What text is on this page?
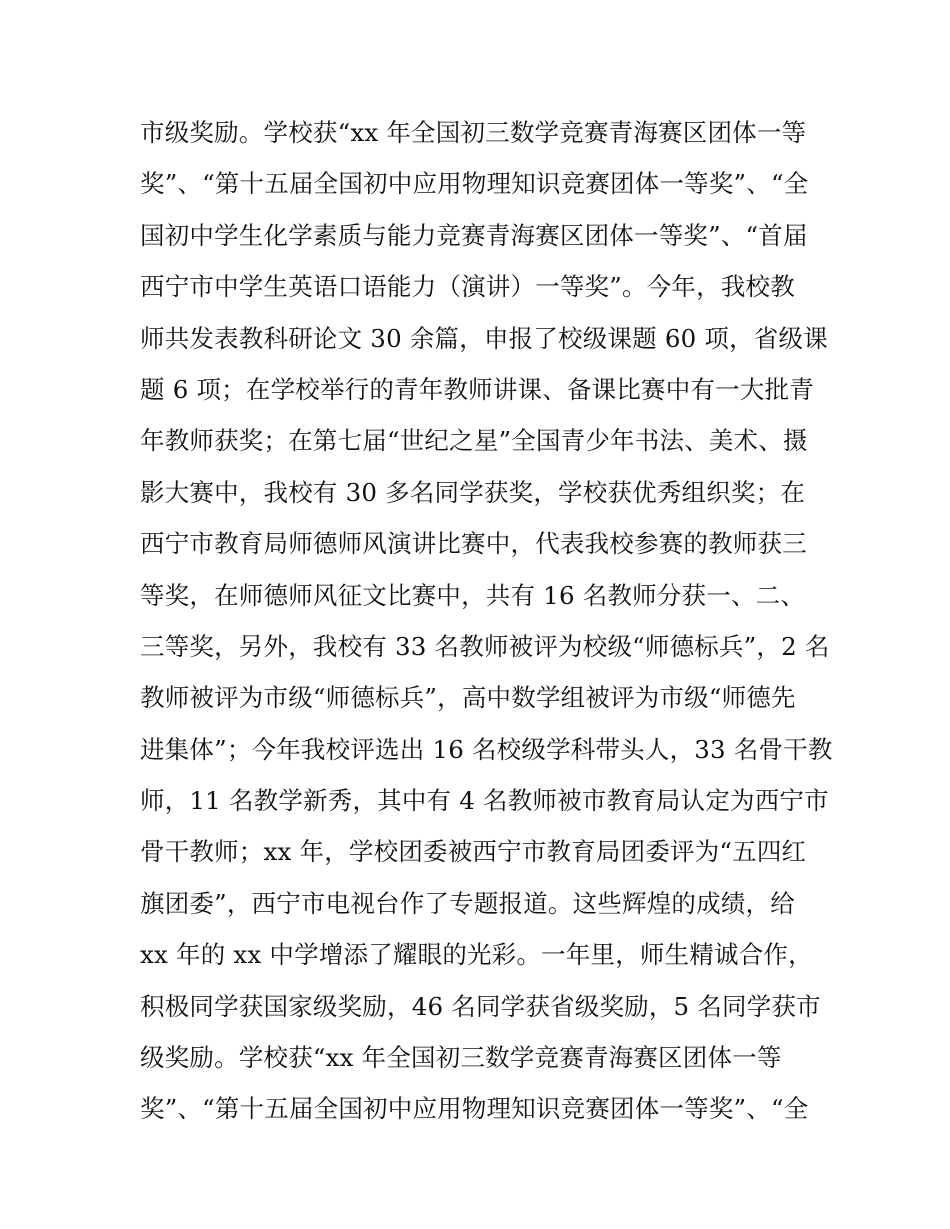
市级奖励。学校获“xx 年全国初三数学竞赛青海赛区团体一等
奖”、“第十五届全国初中应用物理知识竞赛团体一等奖”、“全
国初中学生化学素质与能力竞赛青海赛区团体一等奖”、“首届
西宁市中学生英语口语能力（演讲）一等奖”。今年，我校教
师共发表教科研论文 30 余篇，申报了校级课题 60 项，省级课
题 6 项；在学校举行的青年教师讲课、备课比赛中有一大批青
年教师获奖；在第七届“世纪之星”全国青少年书法、美术、摄
影大赛中，我校有 30 多名同学获奖，学校获优秀组织奖；在
西宁市教育局师德师风演讲比赛中，代表我校参赛的教师获三
等奖，在师德师风征文比赛中，共有 16 名教师分获一、二、
三等奖，另外，我校有 33 名教师被评为校级“师德标兵”，2 名
教师被评为市级“师德标兵”，高中数学组被评为市级“师德先
进集体”；今年我校评选出 16 名校级学科带头人，33 名骨干教
师，11 名教学新秀，其中有 4 名教师被市教育局认定为西宁市
骨干教师；xx 年，学校团委被西宁市教育局团委评为“五四红
旗团委”，西宁市电视台作了专题报道。这些辉煌的成绩，给
xx 年的 xx 中学增添了耀眼的光彩。一年里，师生精诚合作，
积极同学获国家级奖励，46 名同学获省级奖励，5 名同学获市
级奖励。学校获“xx 年全国初三数学竞赛青海赛区团体一等
奖”、“第十五届全国初中应用物理知识竞赛团体一等奖”、“全
